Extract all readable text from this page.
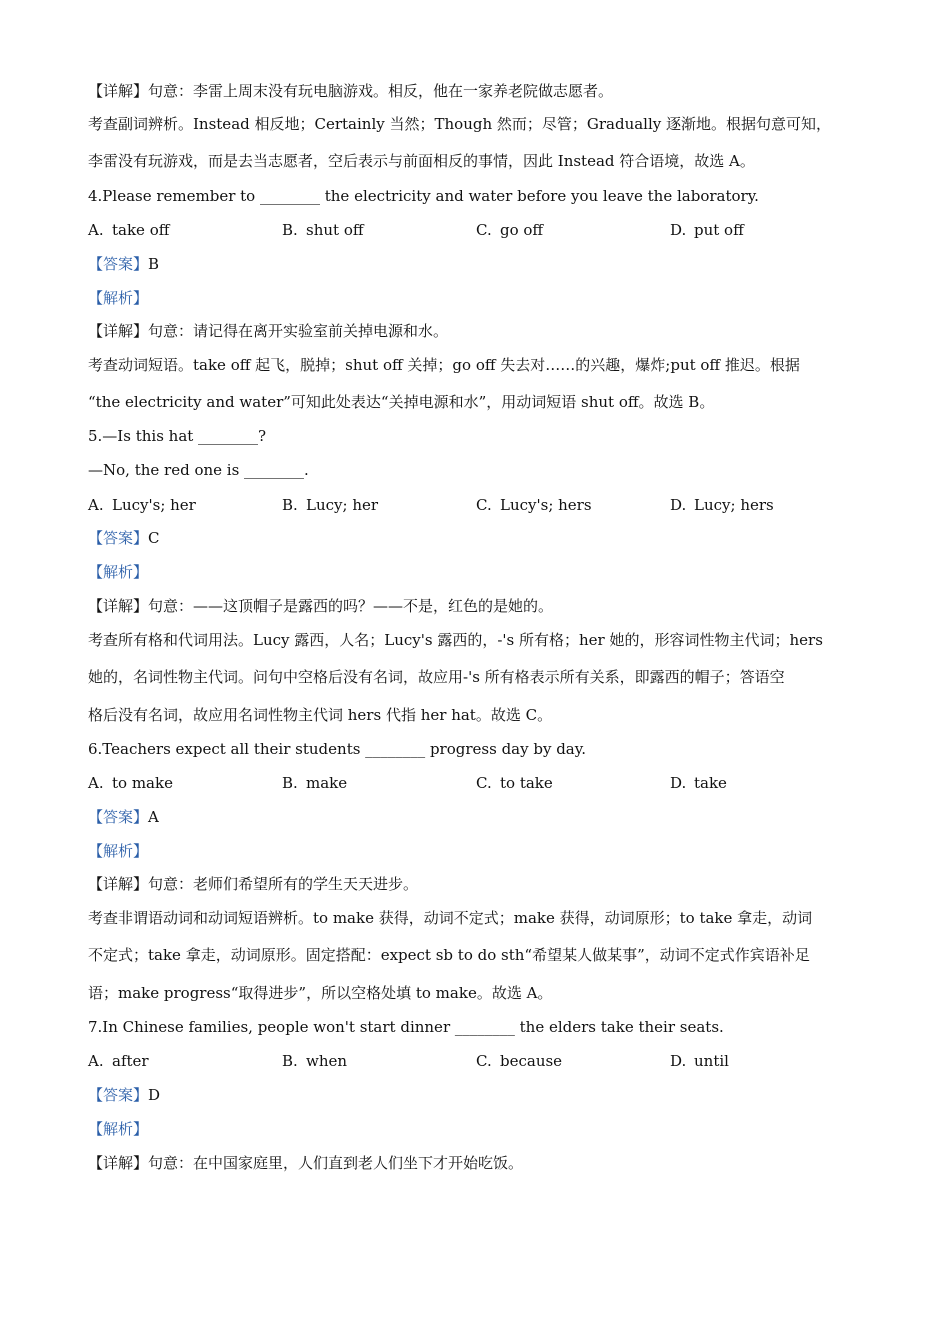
【详解】句意：李雷上周末没有玩电脑游戏。相反，他在一家养老院做志愿者。
考查副词辨析。Instead 相反地；Certainly 当然；Though 然而；尽管；Gradually 逐渐地。根据句意可知，
李雷没有玩游戏，而是去当志愿者，空后表示与前面相反的事情，因此 Instead 符合语境，故选 A。
4.Please remember to ________ the electricity and water before you leave the laboratory.
A. take off	B. shut off	C. go off	D. put off
【答案】B
【解析】
【详解】句意：请记得在离开实验室前关掉电源和水。
考查动词短语。take off 起飞，脱掉；shut off 关掉；go off 失去对……的兴趣，爆炸;put off 推迟。根据
“the electricity and water”可知此处表达“关掉电源和水”，用动词短语 shut off。故选 B。
5.—Is this hat ________?
—No, the red one is ________.
A. Lucy's; her	B. Lucy; her	C. Lucy's; hers	D. Lucy; hers
【答案】C
【解析】
【详解】句意：——这顶帽子是露西的吗？——不是，红色的是她的。
考查所有格和代词用法。Lucy 露西，人名；Lucy's 露西的，-'s 所有格；her 她的，形容词性物主代词；hers
她的，名词性物主代词。问句中空格后没有名词，故应用-'s 所有格表示所有关系，即露西的帽子；答语空
格后没有名词，故应用名词性物主代词 hers 代指 her hat。故选 C。
6.Teachers expect all their students ________ progress day by day.
A. to make	B. make	C. to take	D. take
【答案】A
【解析】
【详解】句意：老师们希望所有的学生天天进步。
考查非谓语动词和动词短语辨析。to make 获得，动词不定式；make 获得，动词原形；to take 拿走，动词
不定式；take 拿走，动词原形。固定搭配：expect sb to do sth“希望某人做某事”，动词不定式作宾语补足
语；make progress“取得进步”，所以空格处填 to make。故选 A。
7.In Chinese families, people won't start dinner ________ the elders take their seats.
A. after	B. when	C. because	D. until
【答案】D
【解析】
【详解】句意：在中国家庭里，人们直到老人们坐下才开始吃饭。
